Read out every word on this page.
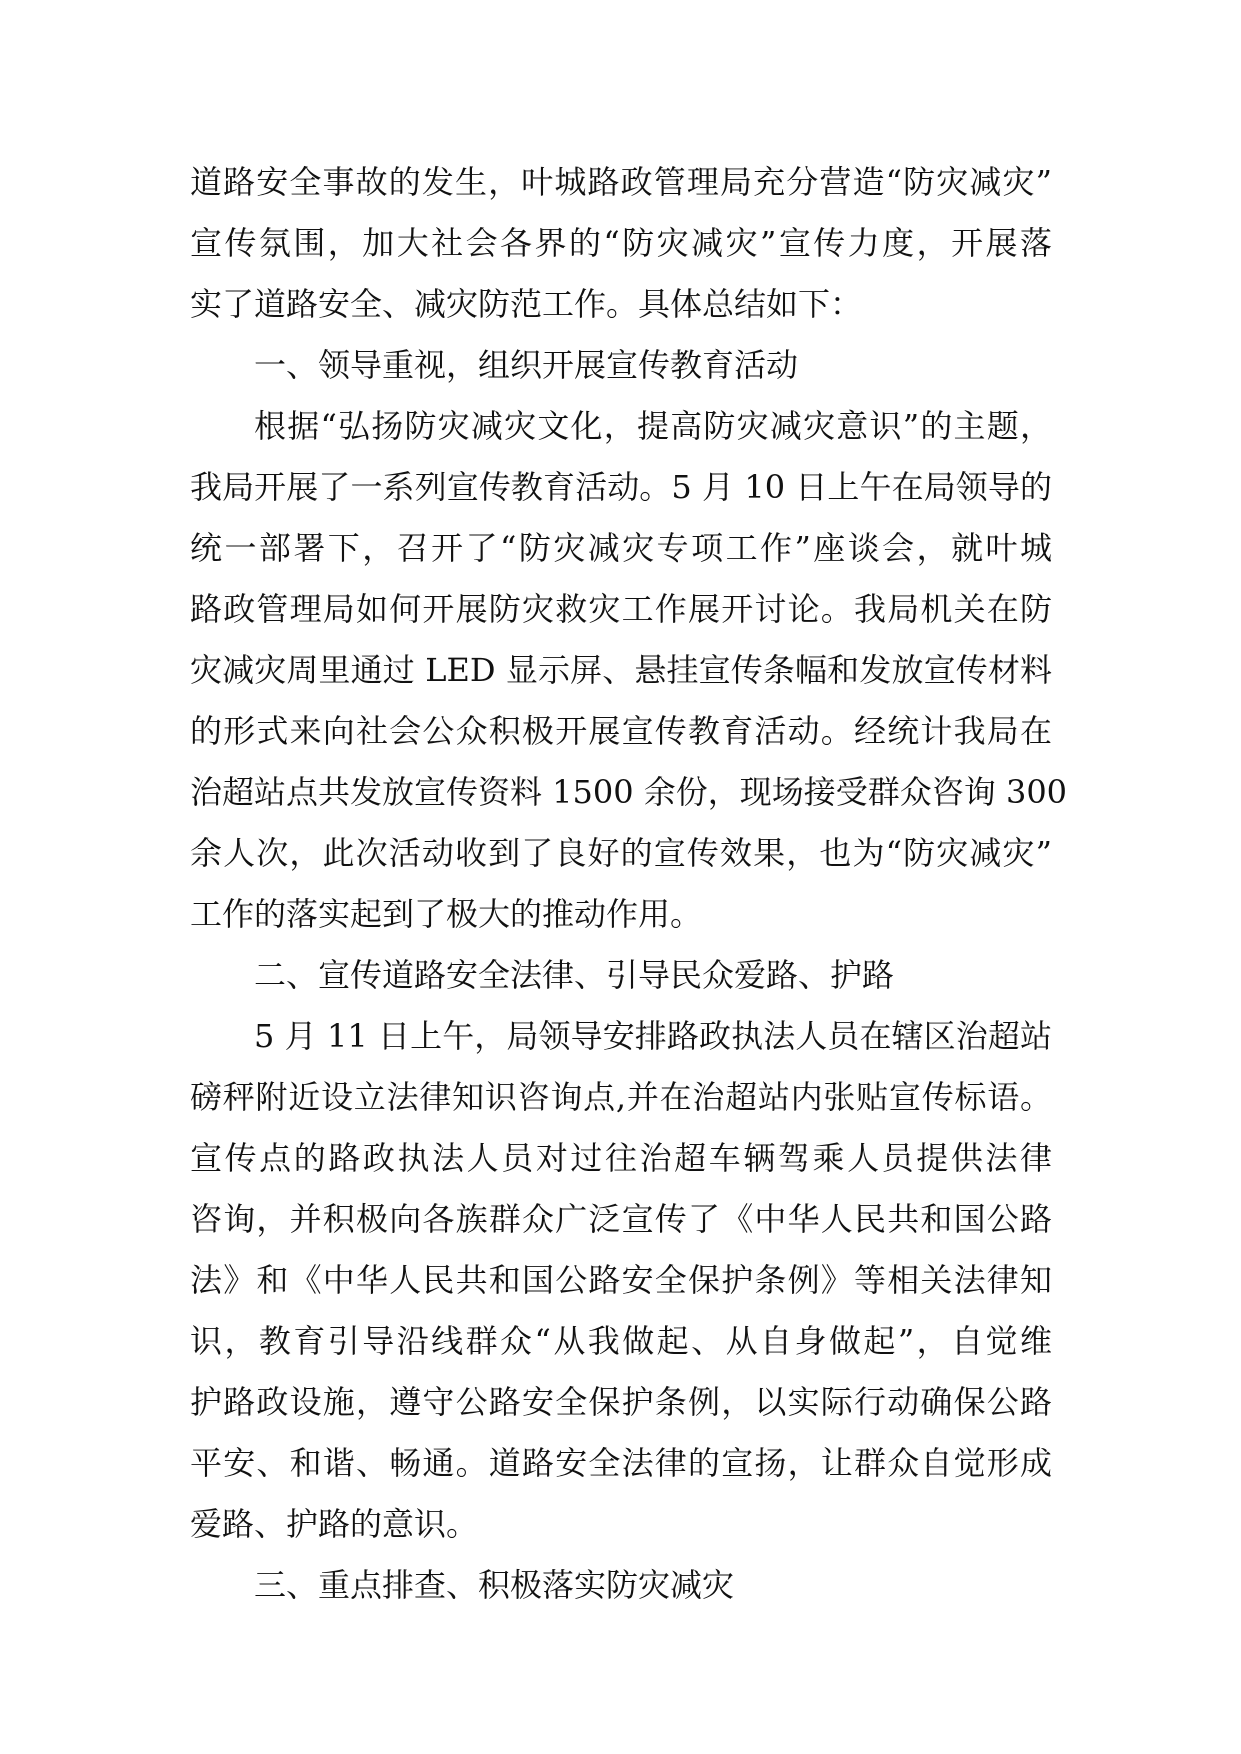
道路安全事故的发生，叶城路政管理局充分营造“防灾减灾”
宣传氛围，加大社会各界的“防灾减灾”宣传力度，开展落
实了道路安全、减灾防范工作。具体总结如下：
一、领导重视，组织开展宣传教育活动
根据“弘扬防灾减灾文化，提高防灾减灾意识”的主题，
我局开展了一系列宣传教育活动。5 月 10 日上午在局领导的
统一部署下，召开了“防灾减灾专项工作”座谈会，就叶城
路政管理局如何开展防灾救灾工作展开讨论。我局机关在防
灾减灾周里通过 LED 显示屏、悬挂宣传条幅和发放宣传材料
的形式来向社会公众积极开展宣传教育活动。经统计我局在
治超站点共发放宣传资料 1500 余份，现场接受群众咨询 300
余人次，此次活动收到了良好的宣传效果，也为“防灾减灾”
工作的落实起到了极大的推动作用。
二、宣传道路安全法律、引导民众爱路、护路
5 月 11 日上午，局领导安排路政执法人员在辖区治超站
磅秤附近设立法律知识咨询点,并在治超站内张贴宣传标语。
宣传点的路政执法人员对过往治超车辆驾乘人员提供法律
咨询，并积极向各族群众广泛宣传了《中华人民共和国公路
法》和《中华人民共和国公路安全保护条例》等相关法律知
识，教育引导沿线群众“从我做起、从自身做起”，自觉维
护路政设施，遵守公路安全保护条例，以实际行动确保公路
平安、和谐、畅通。道路安全法律的宣扬，让群众自觉形成
爱路、护路的意识。
三、重点排查、积极落实防灾减灾
